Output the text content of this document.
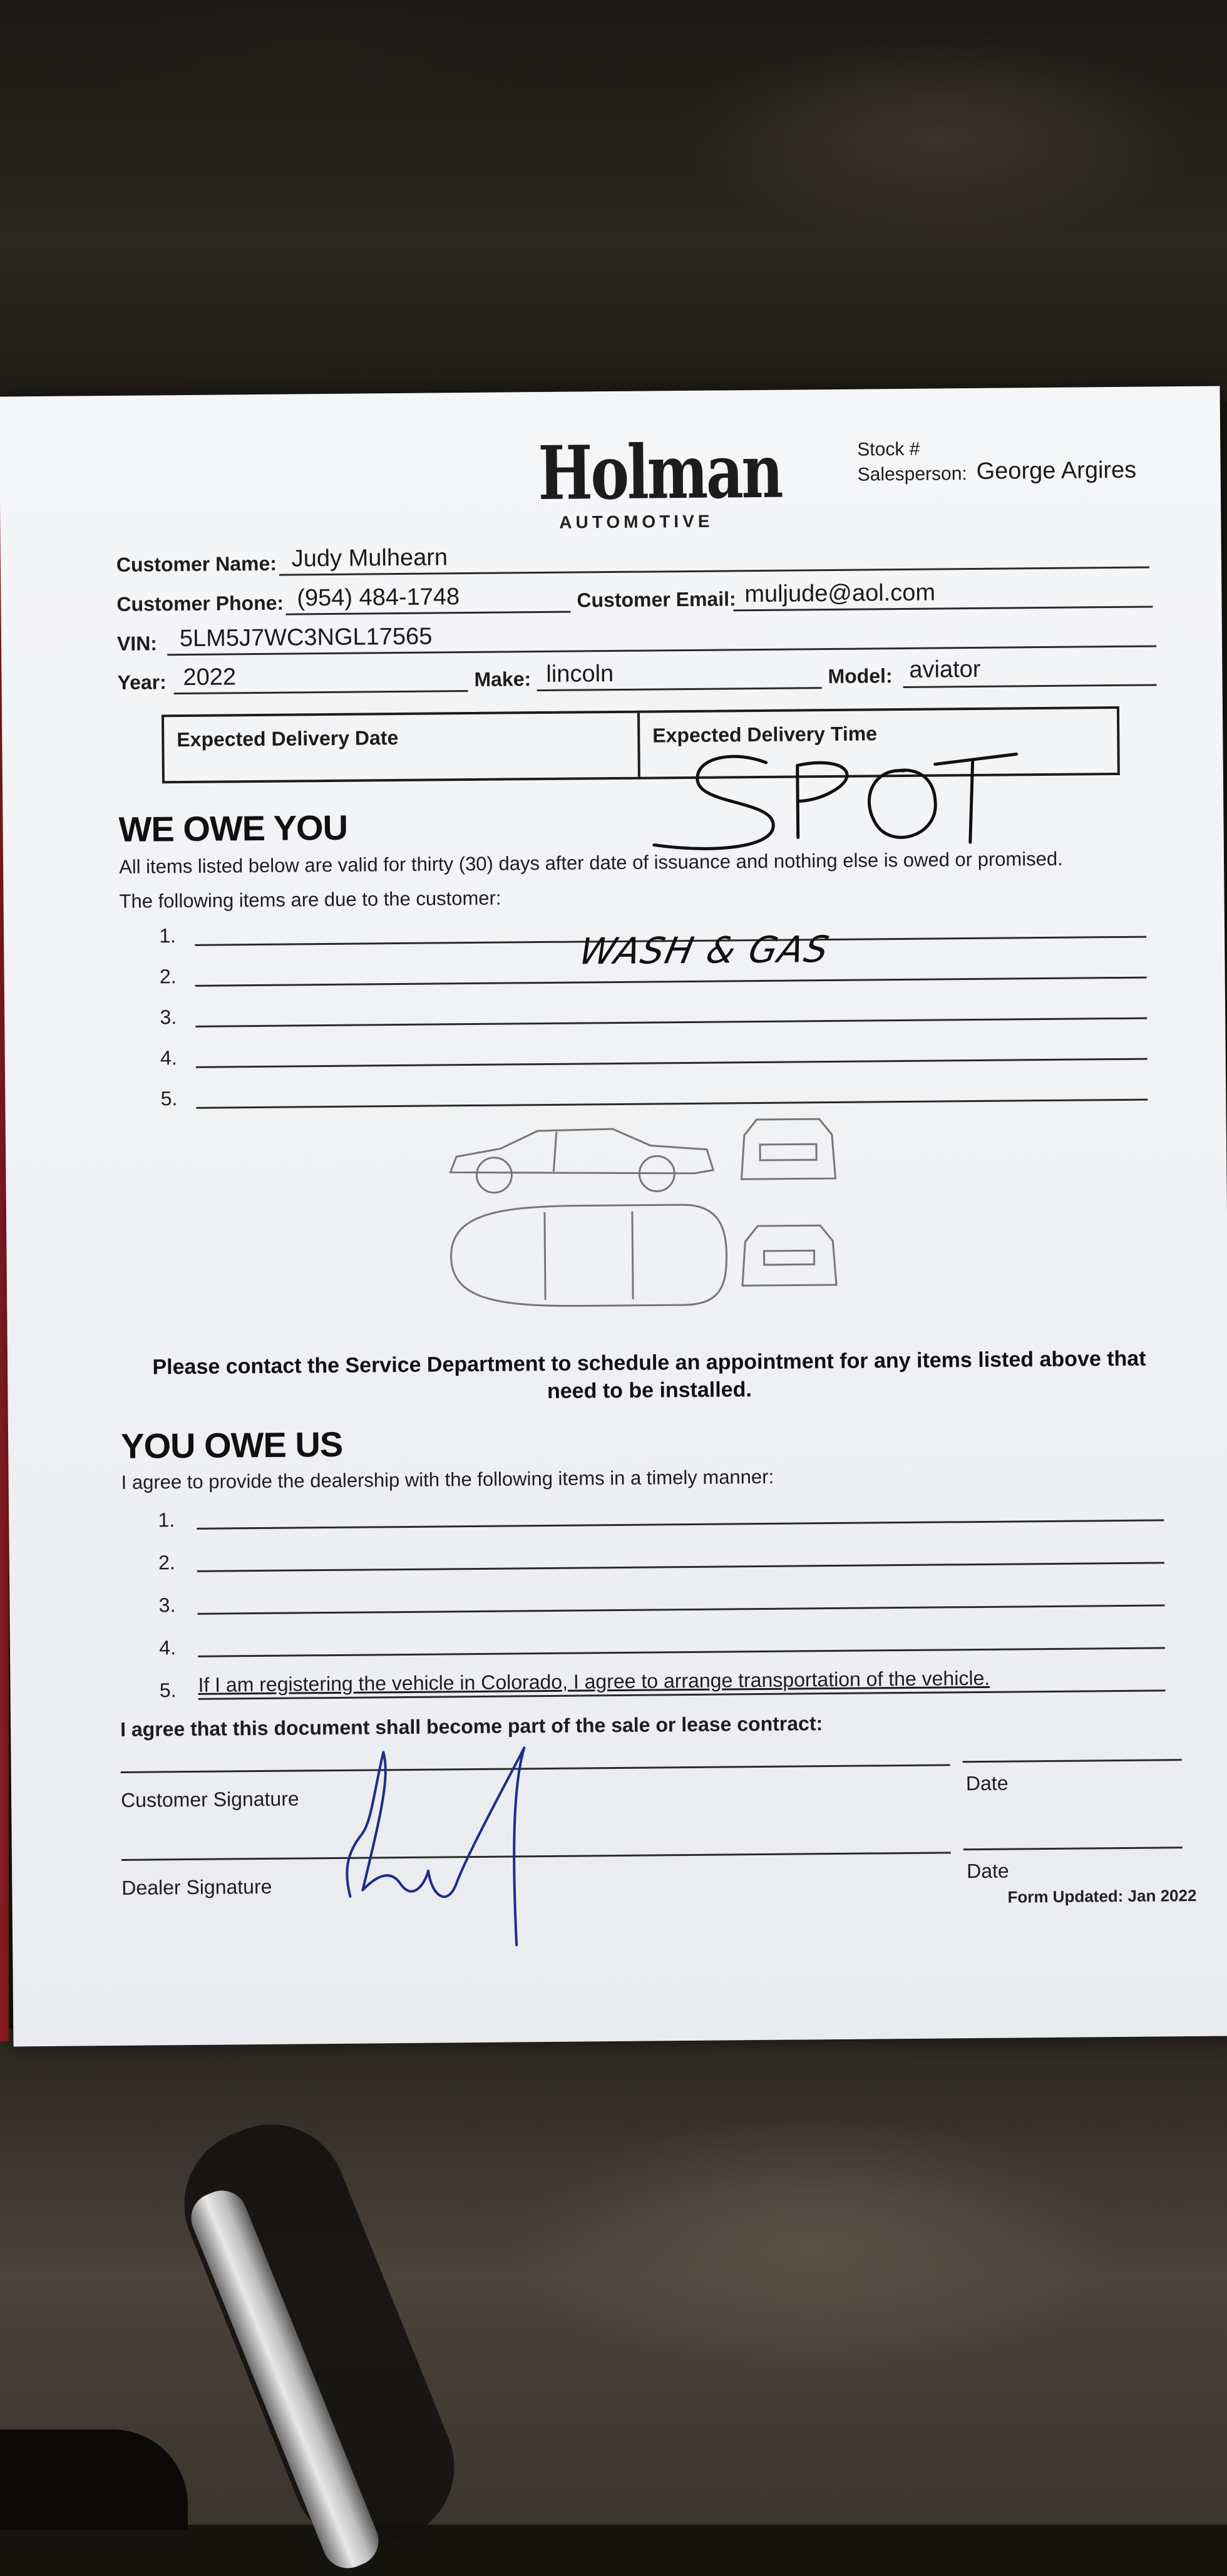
Holman
AUTOMOTIVE
Stock #
Salesperson: George Argires
Customer Name: Judy Mulhearn
Customer Phone: (954) 484-1748	Customer Email: muljude@aol.com
VIN: 5LM5J7WC3NGL17565
Year: 2022	Make: lincoln	Model: aviator
Expected Delivery Date	Expected Delivery Time
WE OWE YOU
All items listed below are valid for thirty (30) days after date of issuance and nothing else is owed or promised.
The following items are due to the customer:
1.
2.
WASH & GAS
3.
4.
5.
Please contact the Service Department to schedule an appointment for any items listed above that need to be installed.
YOU OWE US
I agree to provide the dealership with the following items in a timely manner:
1.
2.
3.
4.
5. If I am registering the vehicle in Colorado, I agree to arrange transportation of the vehicle.
I agree that this document shall become part of the sale or lease contract:
Customer Signature
Date
Dealer Signature
Date
Form Updated: Jan 2022
